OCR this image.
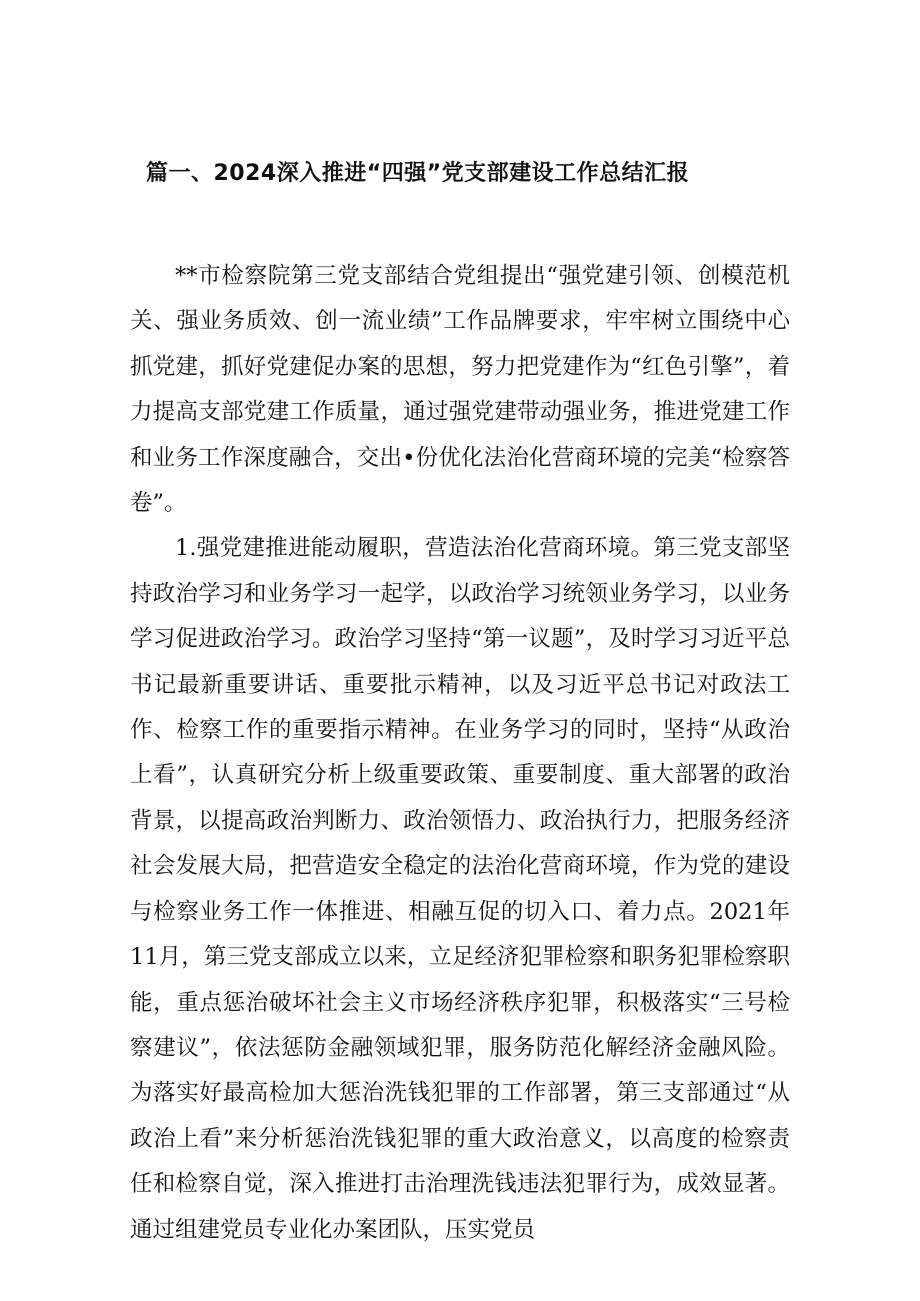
篇一、2024深入推进“四强”党支部建设工作总结汇报

**市检察院第三党支部结合党组提出“强党建引领、创模范机关、强业务质效、创一流业绩”工作品牌要求，牢牢树立围绕中心抓党建，抓好党建促办案的思想，努力把党建作为“红色引擎”，着力提高支部党建工作质量，通过强党建带动强业务，推进党建工作和业务工作深度融合，交出•份优化法治化营商环境的完美“检察答卷”。

1.强党建推进能动履职，营造法治化营商环境。第三党支部坚持政治学习和业务学习一起学，以政治学习统领业务学习，以业务学习促进政治学习。政治学习坚持“第一议题”，及时学习习近平总书记最新重要讲话、重要批示精神，以及习近平总书记对政法工作、检察工作的重要指示精神。在业务学习的同时，坚持“从政治上看”，认真研究分析上级重要政策、重要制度、重大部署的政治背景，以提高政治判断力、政治领悟力、政治执行力，把服务经济社会发展大局，把营造安全稳定的法治化营商环境，作为党的建设与检察业务工作一体推进、相融互促的切入口、着力点。2021年11月，第三党支部成立以来，立足经济犯罪检察和职务犯罪检察职能，重点惩治破坏社会主义市场经济秩序犯罪，积极落实“三号检察建议”，依法惩防金融领域犯罪，服务防范化解经济金融风险。为落实好最高检加大惩治洗钱犯罪的工作部署，第三支部通过“从政治上看”来分析惩治洗钱犯罪的重大政治意义，以高度的检察责任和检察自觉，深入推进打击治理洗钱违法犯罪行为，成效显著。通过组建党员专业化办案团队，压实党员
